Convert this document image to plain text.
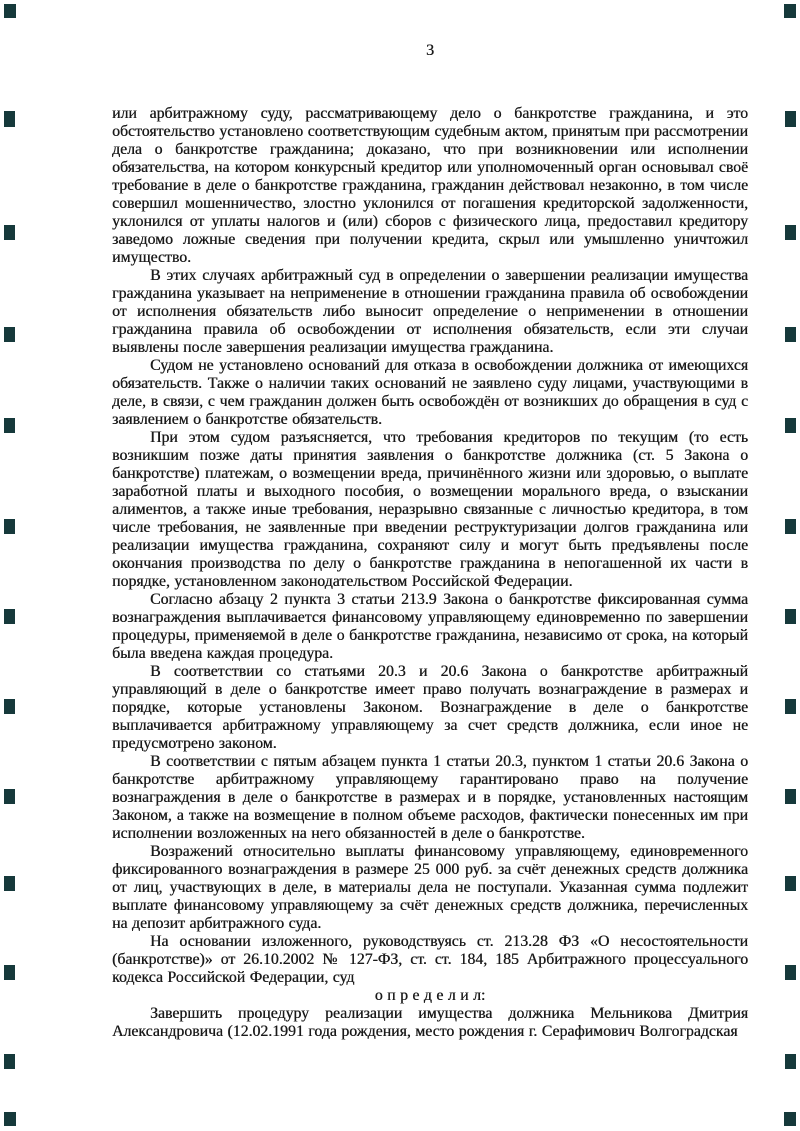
3

или арбитражному суду, рассматривающему дело о банкротстве гражданина, и это обстоятельство установлено соответствующим судебным актом, принятым при рассмотрении дела о банкротстве гражданина; доказано, что при возникновении или исполнении обязательства, на котором конкурсный кредитор или уполномоченный орган основывал своё требование в деле о банкротстве гражданина, гражданин действовал незаконно, в том числе совершил мошенничество, злостно уклонился от погашения кредиторской задолженности, уклонился от уплаты налогов и (или) сборов с физического лица, предоставил кредитору заведомо ложные сведения при получении кредита, скрыл или умышленно уничтожил имущество.

В этих случаях арбитражный суд в определении о завершении реализации имущества гражданина указывает на неприменение в отношении гражданина правила об освобождении от исполнения обязательств либо выносит определение о неприменении в отношении гражданина правила об освобождении от исполнения обязательств, если эти случаи выявлены после завершения реализации имущества гражданина.

Судом не установлено оснований для отказа в освобождении должника от имеющихся обязательств. Также о наличии таких оснований не заявлено суду лицами, участвующими в деле, в связи, с чем гражданин должен быть освобождён от возникших до обращения в суд с заявлением о банкротстве обязательств.

При этом судом разъясняется, что требования кредиторов по текущим (то есть возникшим позже даты принятия заявления о банкротстве должника (ст. 5 Закона о банкротстве) платежам, о возмещении вреда, причинённого жизни или здоровью, о выплате заработной платы и выходного пособия, о возмещении морального вреда, о взыскании алиментов, а также иные требования, неразрывно связанные с личностью кредитора, в том числе требования, не заявленные при введении реструктуризации долгов гражданина или реализации имущества гражданина, сохраняют силу и могут быть предъявлены после окончания производства по делу о банкротстве гражданина в непогашенной их части в порядке, установленном законодательством Российской Федерации.

Согласно абзацу 2 пункта 3 статьи 213.9 Закона о банкротстве фиксированная сумма вознаграждения выплачивается финансовому управляющему единовременно по завершении процедуры, применяемой в деле о банкротстве гражданина, независимо от срока, на который была введена каждая процедура.

В соответствии со статьями 20.3 и 20.6 Закона о банкротстве арбитражный управляющий в деле о банкротстве имеет право получать вознаграждение в размерах и порядке, которые установлены Законом. Вознаграждение в деле о банкротстве выплачивается арбитражному управляющему за счет средств должника, если иное не предусмотрено законом.

В соответствии с пятым абзацем пункта 1 статьи 20.3, пунктом 1 статьи 20.6 Закона о банкротстве арбитражному управляющему гарантировано право на получение вознаграждения в деле о банкротстве в размерах и в порядке, установленных настоящим Законом, а также на возмещение в полном объеме расходов, фактически понесенных им при исполнении возложенных на него обязанностей в деле о банкротстве.

Возражений относительно выплаты финансовому управляющему, единовременного фиксированного вознаграждения в размере 25 000 руб. за счёт денежных средств должника от лиц, участвующих в деле, в материалы дела не поступали. Указанная сумма подлежит выплате финансовому управляющему за счёт денежных средств должника, перечисленных на депозит арбитражного суда.

На основании изложенного, руководствуясь ст. 213.28 ФЗ «О несостоятельности (банкротстве)» от 26.10.2002 № 127-ФЗ, ст. ст. 184, 185 Арбитражного процессуального кодекса Российской Федерации, суд

о п р е д е л и л:

Завершить процедуру реализации имущества должника Мельникова Дмитрия Александровича (12.02.1991 года рождения, место рождения г. Серафимович Волгоградская
